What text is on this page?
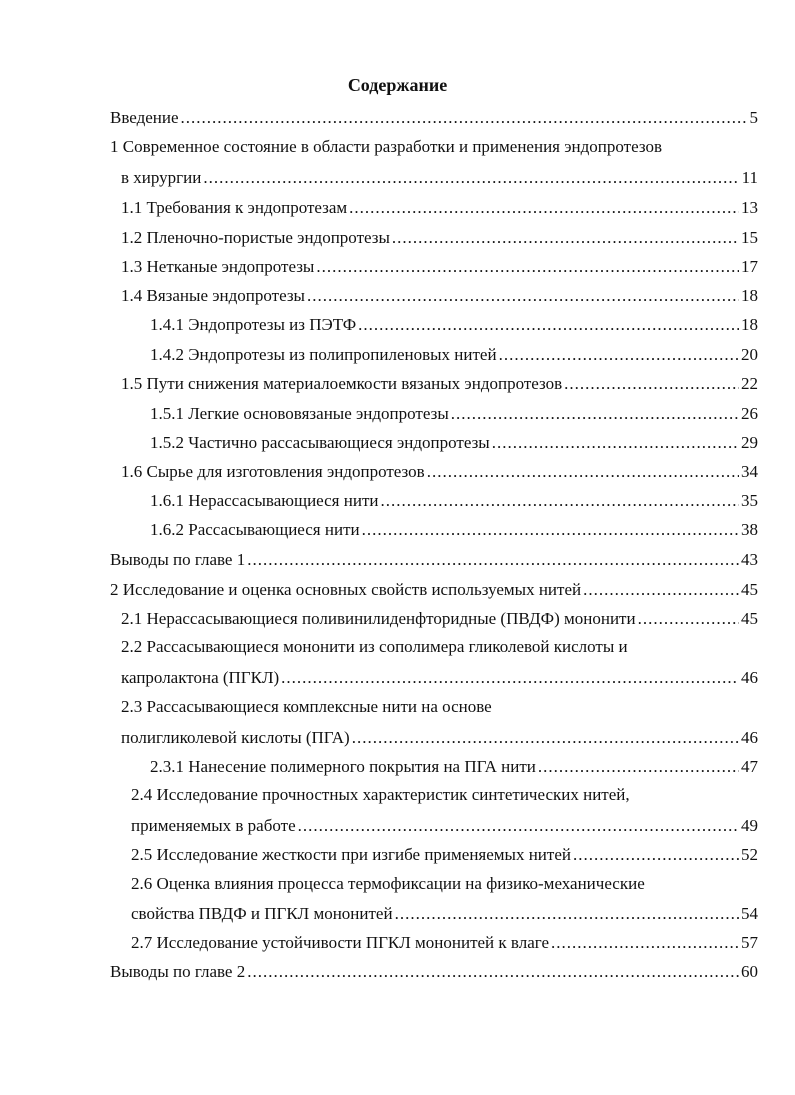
Содержание
Введение .....	5
1 Современное состояние в области разработки и применения эндопротезов
в хирургии .....	11
1.1 Требования к эндопротезам .....	13
1.2 Пленочно-пористые эндопротезы .....	15
1.3 Нетканые эндопротезы .....	17
1.4 Вязаные эндопротезы .....	18
1.4.1 Эндопротезы из ПЭТФ .....	18
1.4.2 Эндопротезы из полипропиленовых нитей .....	20
1.5 Пути снижения материалоемкости вязаных эндопротезов .....	22
1.5.1 Легкие основовязаные эндопротезы .....	26
1.5.2 Частично рассасывающиеся эндопротезы .....	29
1.6 Сырье для изготовления эндопротезов .....	34
1.6.1 Нерассасывающиеся нити .....	35
1.6.2 Рассасывающиеся нити .....	38
Выводы по главе 1 .....	43
2 Исследование и оценка основных свойств используемых нитей .....	45
2.1 Нерассасывающиеся поливинилиденфторидные (ПВДФ) мононити .....	45
2.2 Рассасывающиеся мононити из сополимера гликолевой кислоты и
капролактона (ПГКЛ) .....	46
2.3 Рассасывающиеся комплексные нити на основе
полигликолевой кислоты (ПГА) .....	46
2.3.1 Нанесение полимерного покрытия на ПГА нити .....	47
2.4 Исследование прочностных характеристик синтетических нитей,
применяемых в работе .....	49
2.5 Исследование жесткости при изгибе применяемых нитей .....	52
2.6 Оценка влияния процесса термофиксации на физико-механические
свойства ПВДФ и ПГКЛ мононитей .....	54
2.7 Исследование устойчивости ПГКЛ мононитей к влаге .....	57
Выводы по главе 2 .....	60
